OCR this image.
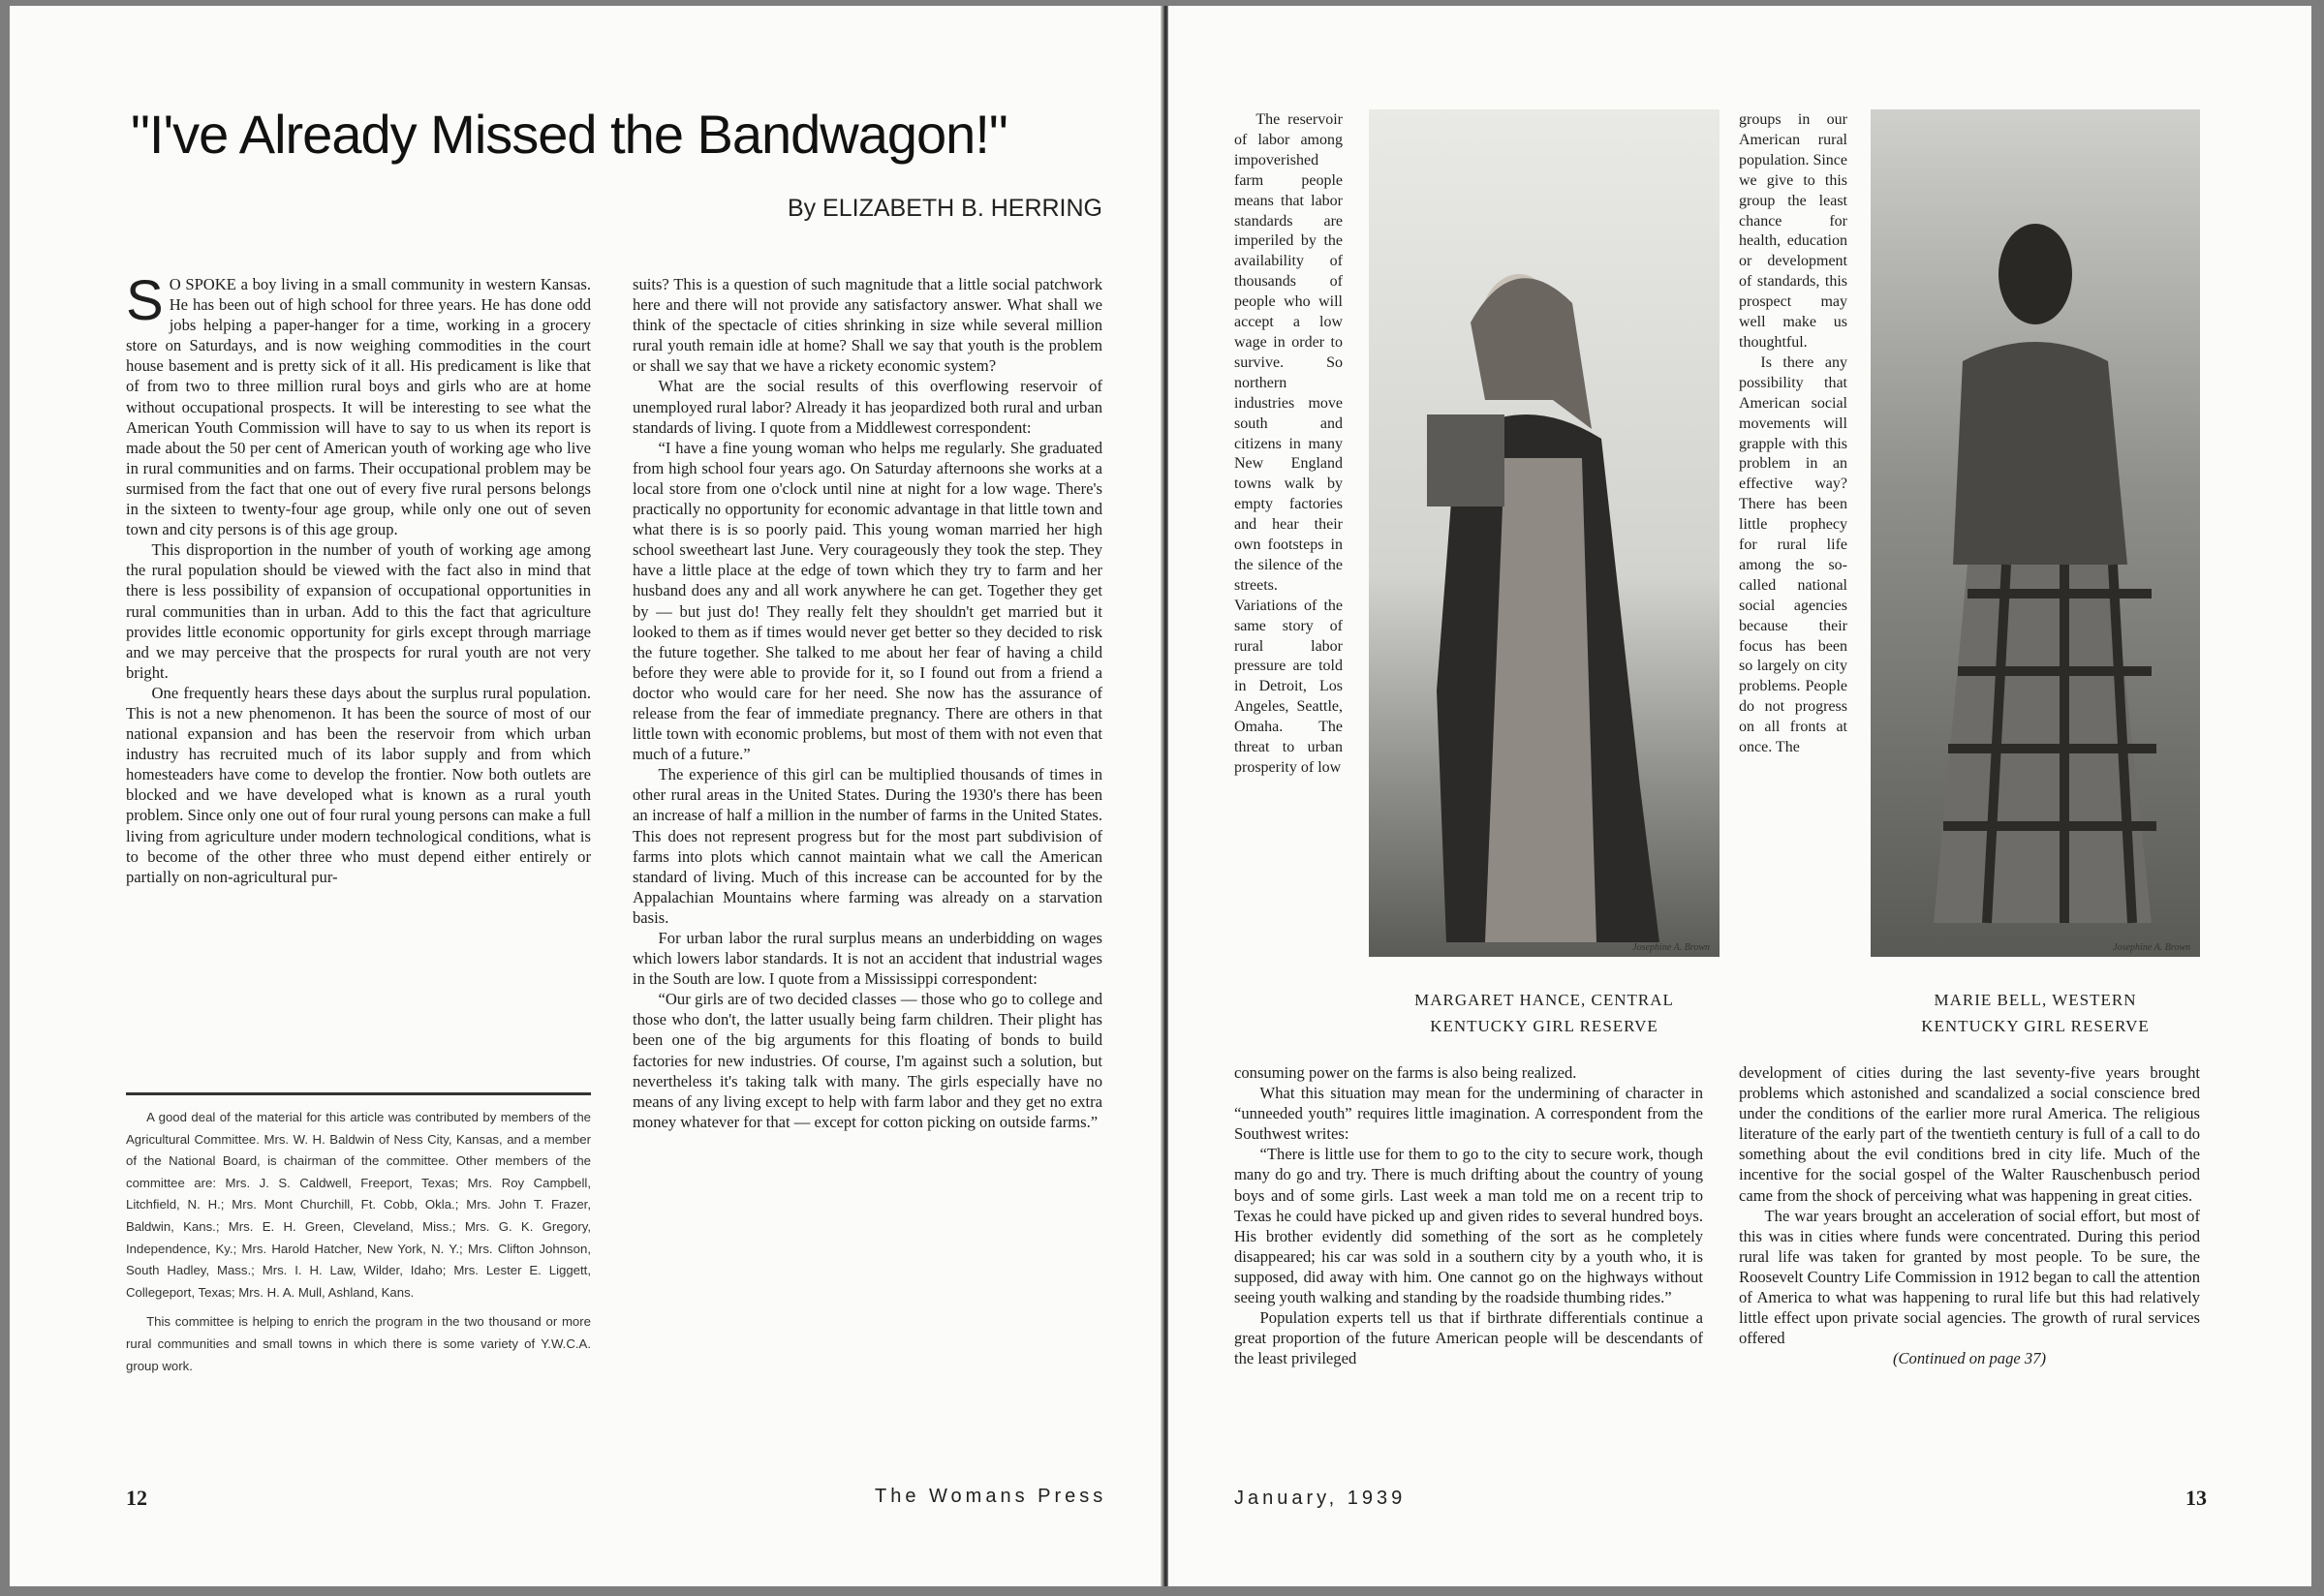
"I've Already Missed the Bandwagon!"
By ELIZABETH B. HERRING

S O SPOKE a boy living in a small community in western Kansas. He has been out of high school for three years. He has done odd jobs helping a paper-hanger for a time, working in a grocery store on Saturdays, and is now weighing commodities in the court house basement and is pretty sick of it all. His predicament is like that of from two to three million rural boys and girls who are at home without occupational prospects. It will be interesting to see what the American Youth Commission will have to say to us when its report is made about the 50 per cent of American youth of working age who live in rural communities and on farms. Their occupational problem may be surmised from the fact that one out of every five rural persons belongs in the sixteen to twenty-four age group, while only one out of seven town and city persons is of this age group.

This disproportion in the number of youth of working age among the rural population should be viewed with the fact also in mind that there is less possibility of expansion of occupational opportunities in rural communities than in urban. Add to this the fact that agriculture provides little economic opportunity for girls except through marriage and we may perceive that the prospects for rural youth are not very bright.

One frequently hears these days about the surplus rural population. This is not a new phenomenon. It has been the source of most of our national expansion and has been the reservoir from which urban industry has recruited much of its labor supply and from which homesteaders have come to develop the frontier. Now both outlets are blocked and we have developed what is known as a rural youth problem. Since only one out of four rural young persons can make a full living from agriculture under modern technological conditions, what is to become of the other three who must depend either entirely or partially on non-agricultural pur-

suits? This is a question of such magnitude that a little social patchwork here and there will not provide any satisfactory answer. What shall we think of the spectacle of cities shrinking in size while several million rural youth remain idle at home? Shall we say that youth is the problem or shall we say that we have a rickety economic system?

What are the social results of this overflowing reservoir of unemployed rural labor? Already it has jeopardized both rural and urban standards of living. I quote from a Middlewest correspondent:

“I have a fine young woman who helps me regularly. She graduated from high school four years ago. On Saturday afternoons she works at a local store from one o'clock until nine at night for a low wage. There's practically no opportunity for economic advantage in that little town and what there is is so poorly paid. This young woman married her high school sweetheart last June. Very courageously they took the step. They have a little place at the edge of town which they try to farm and her husband does any and all work anywhere he can get. Together they get by — but just do! They really felt they shouldn't get married but it looked to them as if times would never get better so they decided to risk the future together. She talked to me about her fear of having a child before they were able to provide for it, so I found out from a friend a doctor who would care for her need. She now has the assurance of release from the fear of immediate pregnancy. There are others in that little town with economic problems, but most of them with not even that much of a future.”

The experience of this girl can be multiplied thousands of times in other rural areas in the United States. During the 1930's there has been an increase of half a million in the number of farms in the United States. This does not represent progress but for the most part subdivision of farms into plots which cannot maintain what we call the American standard of living. Much of this increase can be accounted for by the Appalachian Mountains where farming was already on a starvation basis.

For urban labor the rural surplus means an underbidding on wages which lowers labor standards. It is not an accident that industrial wages in the South are low. I quote from a Mississippi correspondent:

“Our girls are of two decided classes — those who go to college and those who don't, the latter usually being farm children. Their plight has been one of the big arguments for this floating of bonds to build factories for new industries. Of course, I'm against such a solution, but nevertheless it's taking talk with many. The girls especially have no means of any living except to help with farm labor and they get no extra money whatever for that — except for cotton picking on outside farms.”

A good deal of the material for this article was contributed by members of the Agricultural Committee. Mrs. W. H. Baldwin of Ness City, Kansas, and a member of the National Board, is chairman of the committee. Other members of the committee are: Mrs. J. S. Caldwell, Freeport, Texas; Mrs. Roy Campbell, Litchfield, N. H.; Mrs. Mont Churchill, Ft. Cobb, Okla.; Mrs. John T. Frazer, Baldwin, Kans.; Mrs. E. H. Green, Cleveland, Miss.; Mrs. G. K. Gregory, Independence, Ky.; Mrs. Harold Hatcher, New York, N. Y.; Mrs. Clifton Johnson, South Hadley, Mass.; Mrs. I. H. Law, Wilder, Idaho; Mrs. Lester E. Liggett, Collegeport, Texas; Mrs. H. A. Mull, Ashland, Kans.

This committee is helping to enrich the program in the two thousand or more rural communities and small towns in which there is some variety of Y.W.C.A. group work.

12	The Womans Press

The reservoir of labor among impoverished farm people means that labor standards are imperiled by the availability of thousands of people who will accept a low wage in order to survive. So northern industries move south and citizens in many New England towns walk by empty factories and hear their own footsteps in the silence of the streets. Variations of the same story of rural labor pressure are told in Detroit, Los Angeles, Seattle, Omaha. The threat to urban prosperity of low

Josephine A. Brown
MARGARET HANCE, CENTRAL
KENTUCKY GIRL RESERVE

groups in our American rural population. Since we give to this group the least chance for health, education or development of standards, this prospect may well make us thoughtful.

Is there any possibility that American social movements will grapple with this problem in an effective way? There has been little prophecy for rural life among the so-called national social agencies because their focus has been so largely on city problems. People do not progress on all fronts at once. The

Josephine A. Brown
MARIE BELL, WESTERN
KENTUCKY GIRL RESERVE

consuming power on the farms is also being realized.

What this situation may mean for the undermining of character in “unneeded youth” requires little imagination. A correspondent from the Southwest writes:

“There is little use for them to go to the city to secure work, though many do go and try. There is much drifting about the country of young boys and of some girls. Last week a man told me on a recent trip to Texas he could have picked up and given rides to several hundred boys. His brother evidently did something of the sort as he completely disappeared; his car was sold in a southern city by a youth who, it is supposed, did away with him. One cannot go on the highways without seeing youth walking and standing by the roadside thumbing rides.”

Population experts tell us that if birthrate differentials continue a great proportion of the future American people will be descendants of the least privileged

development of cities during the last seventy-five years brought problems which astonished and scandalized a social conscience bred under the conditions of the earlier more rural America. The religious literature of the early part of the twentieth century is full of a call to do something about the evil conditions bred in city life. Much of the incentive for the social gospel of the Walter Rauschenbusch period came from the shock of perceiving what was happening in great cities.

The war years brought an acceleration of social effort, but most of this was in cities where funds were concentrated. During this period rural life was taken for granted by most people. To be sure, the Roosevelt Country Life Commission in 1912 began to call the attention of America to what was happening to rural life but this had relatively little effect upon private social agencies. The growth of rural services offered

(Continued on page 37)
January, 1939	13
